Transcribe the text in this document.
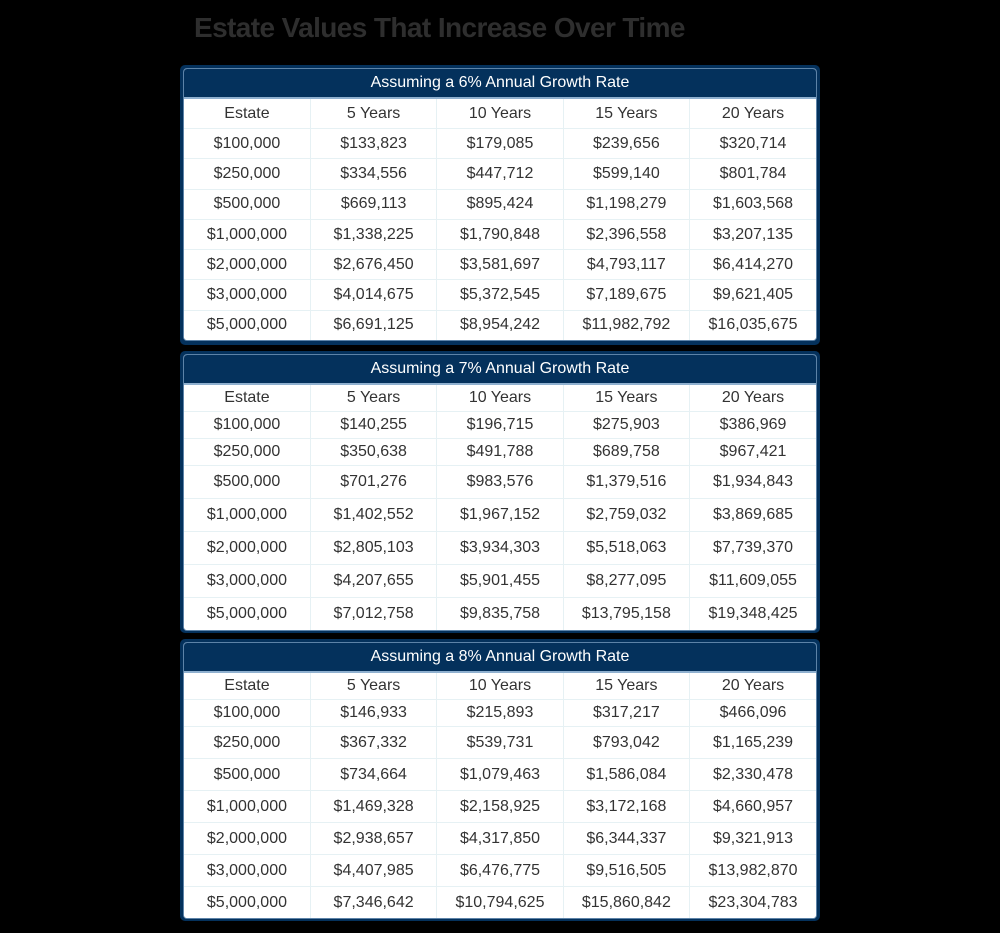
Estate Values That Increase Over Time
Assuming a 6% Annual Growth Rate
Estate	5 Years	10 Years	15 Years	20 Years
$100,000	$133,823	$179,085	$239,656	$320,714
$250,000	$334,556	$447,712	$599,140	$801,784
$500,000	$669,113	$895,424	$1,198,279	$1,603,568
$1,000,000	$1,338,225	$1,790,848	$2,396,558	$3,207,135
$2,000,000	$2,676,450	$3,581,697	$4,793,117	$6,414,270
$3,000,000	$4,014,675	$5,372,545	$7,189,675	$9,621,405
$5,000,000	$6,691,125	$8,954,242	$11,982,792	$16,035,675
Assuming a 7% Annual Growth Rate
Estate	5 Years	10 Years	15 Years	20 Years
$100,000	$140,255	$196,715	$275,903	$386,969
$250,000	$350,638	$491,788	$689,758	$967,421
$500,000	$701,276	$983,576	$1,379,516	$1,934,843
$1,000,000	$1,402,552	$1,967,152	$2,759,032	$3,869,685
$2,000,000	$2,805,103	$3,934,303	$5,518,063	$7,739,370
$3,000,000	$4,207,655	$5,901,455	$8,277,095	$11,609,055
$5,000,000	$7,012,758	$9,835,758	$13,795,158	$19,348,425
Assuming a 8% Annual Growth Rate
Estate	5 Years	10 Years	15 Years	20 Years
$100,000	$146,933	$215,893	$317,217	$466,096
$250,000	$367,332	$539,731	$793,042	$1,165,239
$500,000	$734,664	$1,079,463	$1,586,084	$2,330,478
$1,000,000	$1,469,328	$2,158,925	$3,172,168	$4,660,957
$2,000,000	$2,938,657	$4,317,850	$6,344,337	$9,321,913
$3,000,000	$4,407,985	$6,476,775	$9,516,505	$13,982,870
$5,000,000	$7,346,642	$10,794,625	$15,860,842	$23,304,783
